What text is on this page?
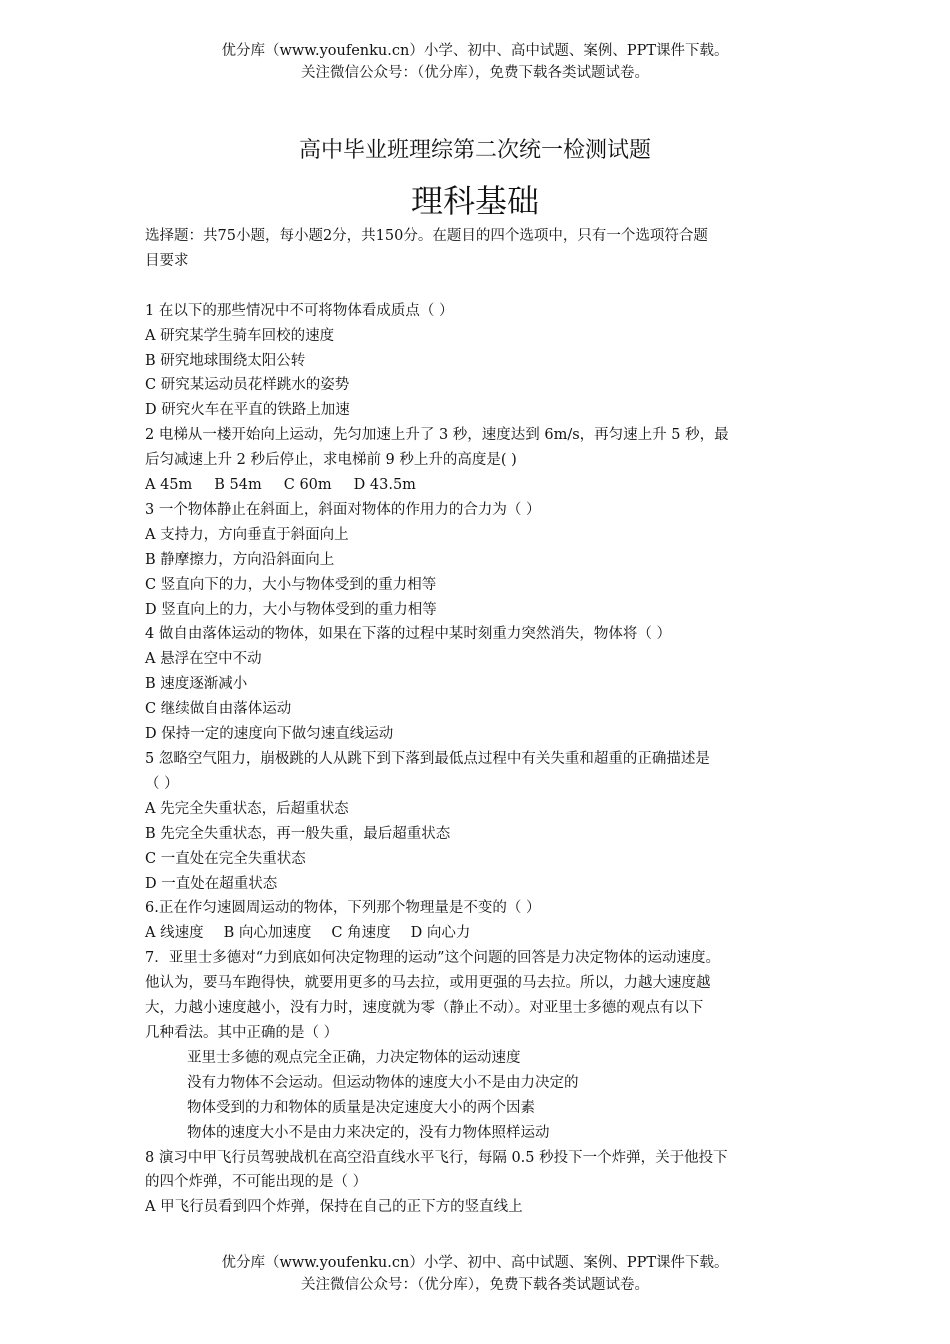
优分库（www.youfenku.cn）小学、初中、高中试题、案例、PPT课件下载。
关注微信公众号：（优分库），免费下载各类试题试卷。
高中毕业班理综第二次统一检测试题
理科基础

选择题：共75小题，每小题2分，共150分。在题目的四个选项中，只有一个选项符合题

目要求

1 在以下的那些情况中不可将物体看成质点（ ）

A 研究某学生骑车回校的速度

B 研究地球围绕太阳公转

C 研究某运动员花样跳水的姿势

D 研究火车在平直的铁路上加速

2 电梯从一楼开始向上运动，先匀加速上升了 3 秒，速度达到 6m/s，再匀速上升 5 秒，最

后匀减速上升 2 秒后停止，求电梯前 9 秒上升的高度是( )

A 45m B 54m C 60m D 43.5m

3 一个物体静止在斜面上，斜面对物体的作用力的合力为（ ）

A 支持力，方向垂直于斜面向上

B 静摩擦力，方向沿斜面向上

C 竖直向下的力，大小与物体受到的重力相等

D 竖直向上的力，大小与物体受到的重力相等

4 做自由落体运动的物体，如果在下落的过程中某时刻重力突然消失，物体将（ ）

A 悬浮在空中不动

B 速度逐渐减小

C 继续做自由落体运动

D 保持一定的速度向下做匀速直线运动

5 忽略空气阻力，崩极跳的人从跳下到下落到最低点过程中有关失重和超重的正确描述是

（ ）

A 先完全失重状态，后超重状态

B 先完全失重状态，再一般失重，最后超重状态

C 一直处在完全失重状态

D 一直处在超重状态

6.正在作匀速圆周运动的物体，下列那个物理量是不变的（ ）

A 线速度 B 向心加速度 C 角速度 D 向心力

7．亚里士多德对“力到底如何决定物理的运动”这个问题的回答是力决定物体的运动速度。

他认为，要马车跑得快，就要用更多的马去拉，或用更强的马去拉。所以，力越大速度越

大，力越小速度越小，没有力时，速度就为零（静止不动）。对亚里士多德的观点有以下

几种看法。其中正确的是（ ）

亚里士多德的观点完全正确，力决定物体的运动速度

没有力物体不会运动。但运动物体的速度大小不是由力决定的

物体受到的力和物体的质量是决定速度大小的两个因素

物体的速度大小不是由力来决定的，没有力物体照样运动

8 演习中甲飞行员驾驶战机在高空沿直线水平飞行，每隔 0.5 秒投下一个炸弹，关于他投下

的四个炸弹，不可能出现的是（ ）

A 甲飞行员看到四个炸弹，保持在自己的正下方的竖直线上

优分库（www.youfenku.cn）小学、初中、高中试题、案例、PPT课件下载。
关注微信公众号：（优分库），免费下载各类试题试卷。
